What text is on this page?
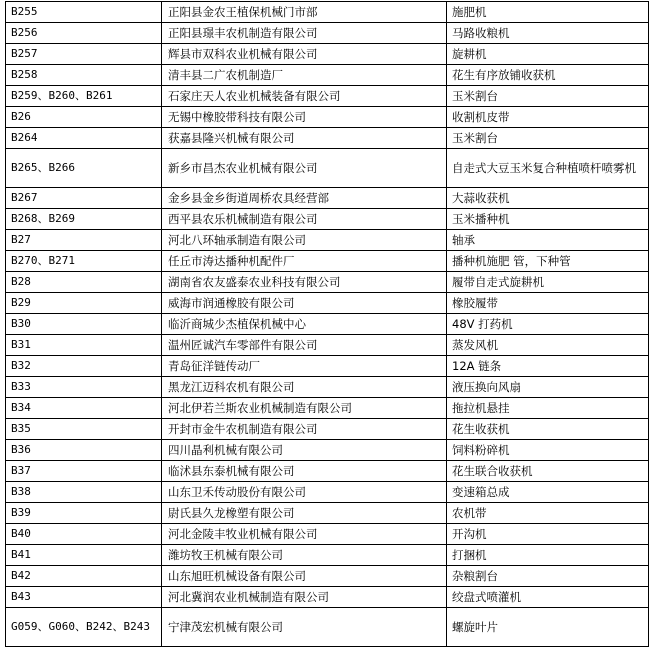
B255	正阳县金农王植保机械门市部	施肥机
B256	正阳县璟丰农机制造有限公司	马路收粮机
B257	辉县市双科农业机械有限公司	旋耕机
B258	清丰县二广农机制造厂	花生有序放铺收获机
B259、B260、B261	石家庄天人农业机械装备有限公司	玉米割台
B26	无锡中橡胶带科技有限公司	收割机皮带
B264	获嘉县隆兴机械有限公司	玉米割台
B265、B266	新乡市昌杰农业机械有限公司	自走式大豆玉米复合种植喷杆喷雾机
B267	金乡县金乡街道周桥农具经营部	大蒜收获机
B268、B269	西平县农乐机械制造有限公司	玉米播种机
B27	河北八环轴承制造有限公司	轴承
B270、B271	任丘市涛达播种机配件厂	播种机施肥 管，下种管
B28	湖南省农友盛泰农业科技有限公司	履带自走式旋耕机
B29	威海市润通橡胶有限公司	橡胶履带
B30	临沂商城少杰植保机械中心	48V 打药机
B31	温州匠诚汽车零部件有限公司	蒸发风机
B32	青岛征洋链传动厂	12A 链条
B33	黑龙江迈科农机有限公司	液压换向风扇
B34	河北伊若兰斯农业机械制造有限公司	拖拉机悬挂
B35	开封市金牛农机制造有限公司	花生收获机
B36	四川晶利机械有限公司	饲料粉碎机
B37	临沭县东泰机械有限公司	花生联合收获机
B38	山东卫禾传动股份有限公司	变速箱总成
B39	尉氏县久龙橡塑有限公司	农机带
B40	河北金陵丰牧业机械有限公司	开沟机
B41	潍坊牧王机械有限公司	打捆机
B42	山东旭旺机械设备有限公司	杂粮割台
B43	河北冀润农业机械制造有限公司	绞盘式喷灌机
G059、G060、B242、B243	宁津茂宏机械有限公司	螺旋叶片
